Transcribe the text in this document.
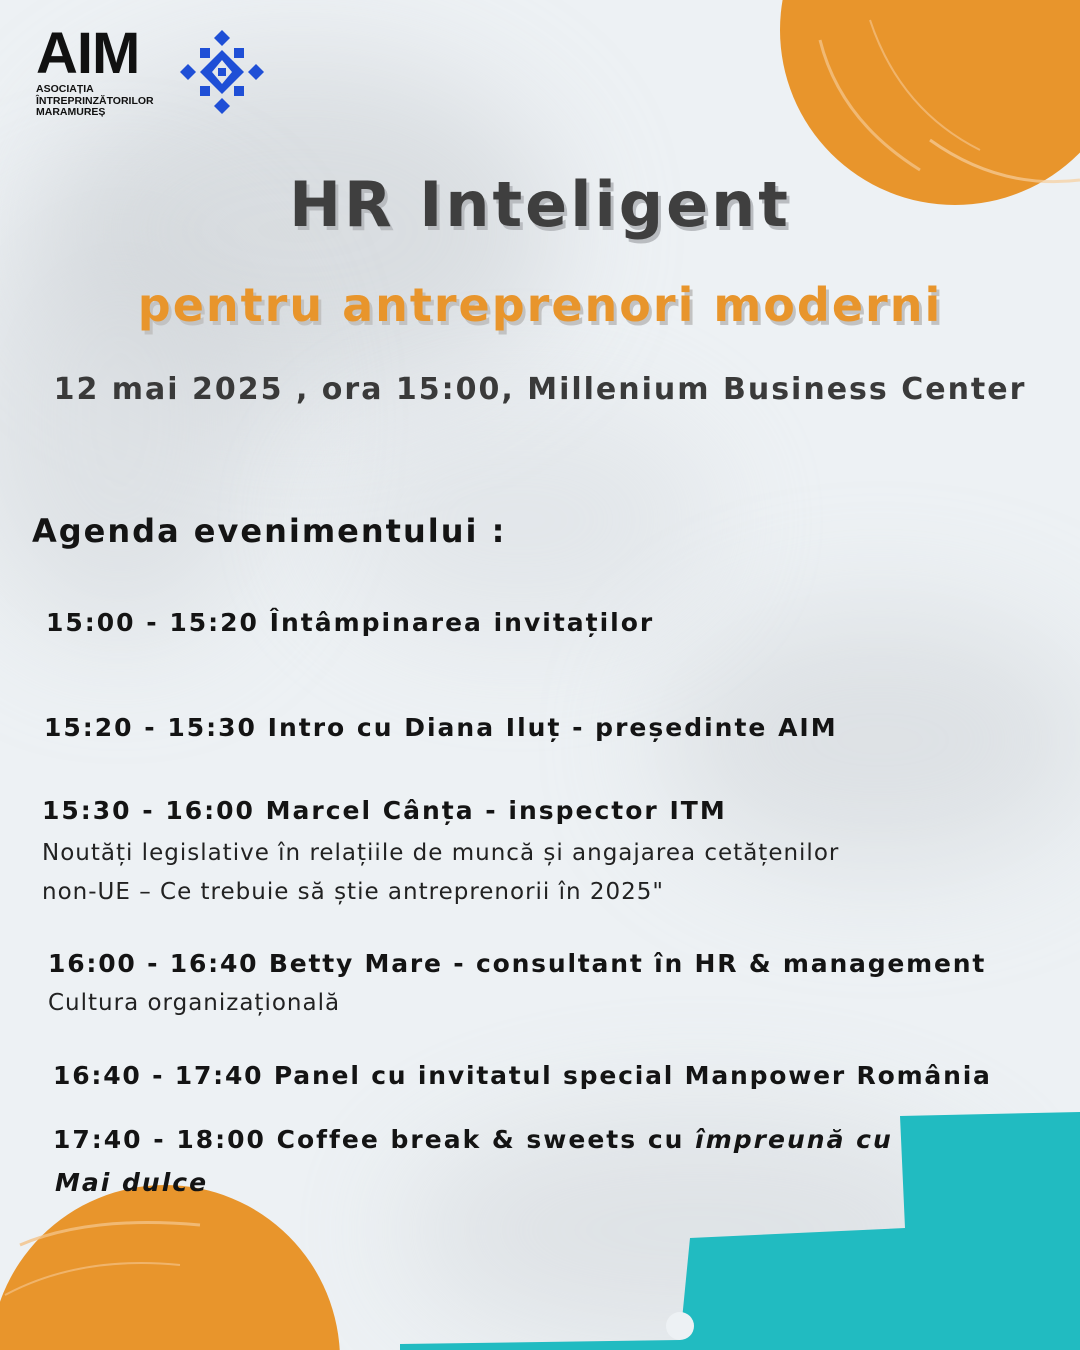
AIM
ASOCIAȚIA
ÎNTREPRINZĂTORILOR
MARAMUREȘ
HR Inteligent
pentru antreprenori moderni
12 mai 2025 , ora 15:00, Millenium Business Center
Agenda evenimentului :
15:00 - 15:20 Întâmpinarea invitaților
15:20 - 15:30 Intro cu Diana Iluț - președinte AIM
15:30 - 16:00 Marcel Cânța - inspector ITM
Noutăți legislative în relațiile de muncă și angajarea cetățenilor
non-UE – Ce trebuie să știe antreprenorii în 2025"
16:00 - 16:40 Betty Mare - consultant în HR & management
Cultura organizațională
16:40 - 17:40 Panel cu invitatul special Manpower România
17:40 - 18:00 Coffee break & sweets cu împreună cu
Mai dulce
